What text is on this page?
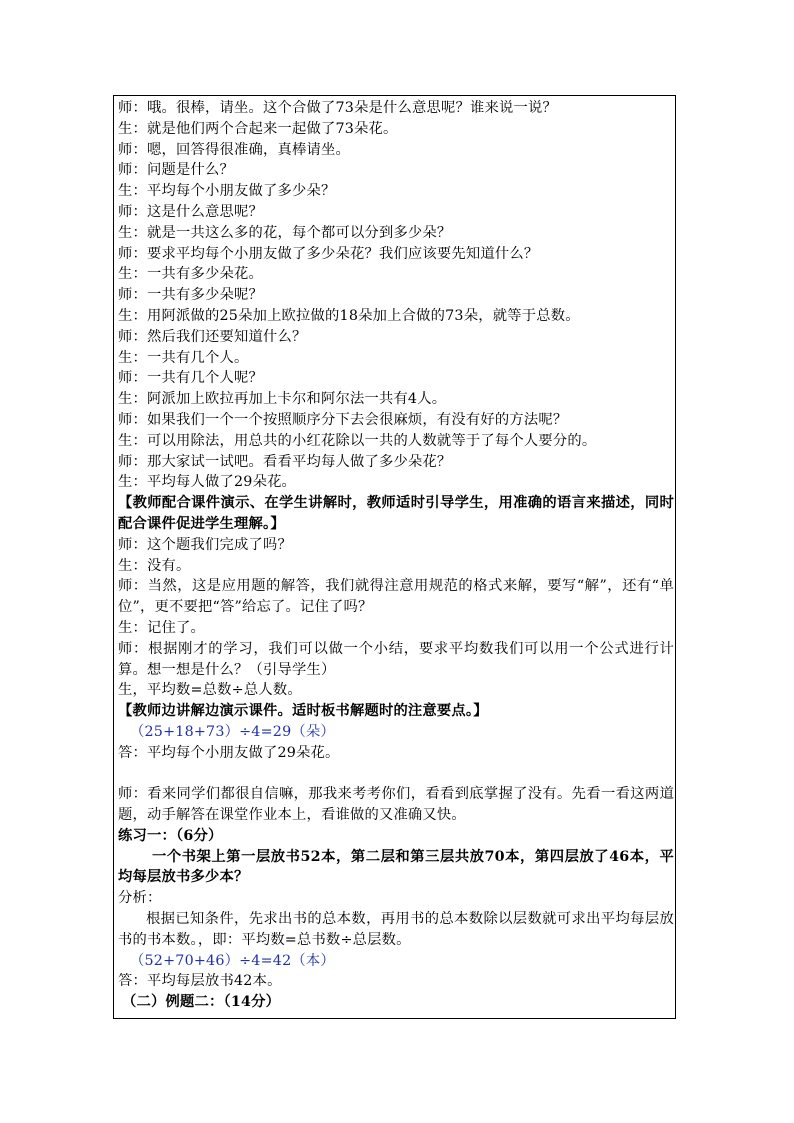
师：哦。很棒，请坐。这个合做了73朵是什么意思呢？谁来说一说？
生：就是他们两个合起来一起做了73朵花。
师：嗯，回答得很准确，真棒请坐。
师：问题是什么？
生：平均每个小朋友做了多少朵？
师：这是什么意思呢？
生：就是一共这么多的花，每个都可以分到多少朵？
师：要求平均每个小朋友做了多少朵花？我们应该要先知道什么？
生：一共有多少朵花。
师：一共有多少朵呢？
生：用阿派做的25朵加上欧拉做的18朵加上合做的73朵，就等于总数。
师：然后我们还要知道什么？
生：一共有几个人。
师：一共有几个人呢？
生：阿派加上欧拉再加上卡尔和阿尔法一共有4人。
师：如果我们一个一个按照顺序分下去会很麻烦，有没有好的方法呢？
生：可以用除法，用总共的小红花除以一共的人数就等于了每个人要分的。
师：那大家试一试吧。看看平均每人做了多少朵花？
生：平均每人做了29朵花。
【教师配合课件演示、在学生讲解时，教师适时引导学生，用准确的语言来描述，同时配合课件促进学生理解。】
师：这个题我们完成了吗？
生：没有。
师：当然，这是应用题的解答，我们就得注意用规范的格式来解，要写“解”，还有“单位”，更不要把“答”给忘了。记住了吗？
生：记住了。
师：根据刚才的学习，我们可以做一个小结，要求平均数我们可以用一个公式进行计算。想一想是什么？（引导学生）
生，平均数=总数÷总人数。
【教师边讲解边演示课件。适时板书解题时的注意要点。】
（25+18+73）÷4=29（朵）
答：平均每个小朋友做了29朵花。
师：看来同学们都很自信嘛，那我来考考你们，看看到底掌握了没有。先看一看这两道题，动手解答在课堂作业本上，看谁做的又准确又快。
练习一：（6分）
一个书架上第一层放书52本，第二层和第三层共放70本，第四层放了46本，平均每层放书多少本？
分析：
根据已知条件，先求出书的总本数，再用书的总本数除以层数就可求出平均每层放书的书本数。，即：平均数=总书数÷总层数。
（52+70+46）÷4=42（本）
答：平均每层放书42本。
（二）例题二：（14分）
